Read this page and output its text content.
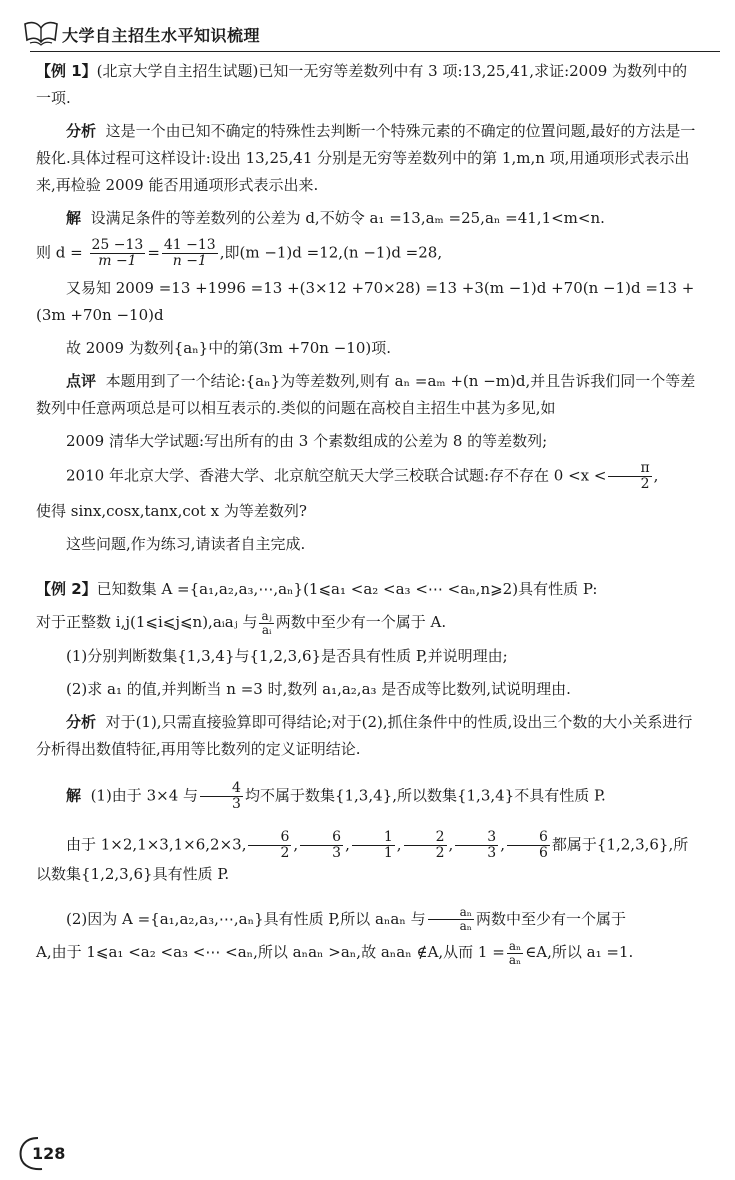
大学自主招生水平知识梳理

【例 1】(北京大学自主招生试题)已知一无穷等差数列中有 3 项:13,25,41,求证:2009 为数列中的一项.

分析 这是一个由已知不确定的特殊性去判断一个特殊元素的不确定的位置问题,最好的方法是一般化.具体过程可这样设计:设出 13,25,41 分别是无穷等差数列中的第 1,m,n 项,用通项形式表示出来,再检验 2009 能否用通项形式表示出来.

解 设满足条件的等差数列的公差为 d,不妨令 a₁ =13,aₘ =25,aₙ =41,1<m<n.

则 $d = \frac{25 -13}{m -1} = \frac{41 -13}{n -1}$ ,即(m −1)d =12,(n −1)d =28,

又易知 2009 =13 +1996 =13 +(3×12 +70×28) =13 +3(m −1)d +70(n −1)d =13 +(3m +70n −10)d

故 2009 为数列{aₙ}中的第(3m +70n −10)项.

点评 本题用到了一个结论:{aₙ}为等差数列,则有 aₙ =aₘ +(n −m)d,并且告诉我们同一个等差数列中任意两项总是可以相互表示的.类似的问题在高校自主招生中甚为多见,如

2009 清华大学试题:写出所有的由 3 个素数组成的公差为 8 的等差数列;

2010 年北京大学、香港大学、北京航空航天大学三校联合试题:存不存在 $0 <x < \frac{\pi}{2}$ ,

使得 sinx,cosx,tanx,cot x 为等差数列?

这些问题,作为练习,请读者自主完成.

【例 2】已知数集 A ={a₁,a₂,a₃,⋯,aₙ}(1⩽a₁ <a₂ <a₃ <⋯ <aₙ,n⩾2)具有性质 P:

对于正整数 i,j(1⩽i⩽j⩽n),aᵢaⱼ 与 $\frac{\text{aⱼ}}{\text{aᵢ}}$ 两数中至少有一个属于 A.

(1)分别判断数集{1,3,4}与{1,2,3,6}是否具有性质 P,并说明理由;

(2)求 a₁ 的值,并判断当 n =3 时,数列 a₁,a₂,a₃ 是否成等比数列,试说明理由.

分析 对于(1),只需直接验算即可得结论;对于(2),抓住条件中的性质,设出三个数的大小关系进行分析得出数值特征,再用等比数列的定义证明结论.

解 (1)由于 3×4 与 $\frac{4}{3}$ 均不属于数集{1,3,4},所以数集{1,3,4}不具有性质 P.

由于 1×2,1×3,1×6,2×3, $\frac{6}{2}$ , $\frac{6}{3}$ , $\frac{1}{1}$ , $\frac{2}{2}$ , $\frac{3}{3}$ , $\frac{6}{6}$ 都属于{1,2,3,6},所以数集{1,2,3,6}具有性质 P.

(2)因为 A ={a₁,a₂,a₃,⋯,aₙ}具有性质 P,所以 aₙaₙ 与 $\frac{\text{aₙ}}{\text{aₙ}}$ 两数中至少有一个属于

A,由于 1⩽a₁ <a₂ <a₃ <⋯ <aₙ,所以 aₙaₙ >aₙ,故 aₙaₙ ∉A,从而 $1 = \frac{\text{aₙ}}{\text{aₙ}}$ ∈A,所以 a₁ =1.

128
